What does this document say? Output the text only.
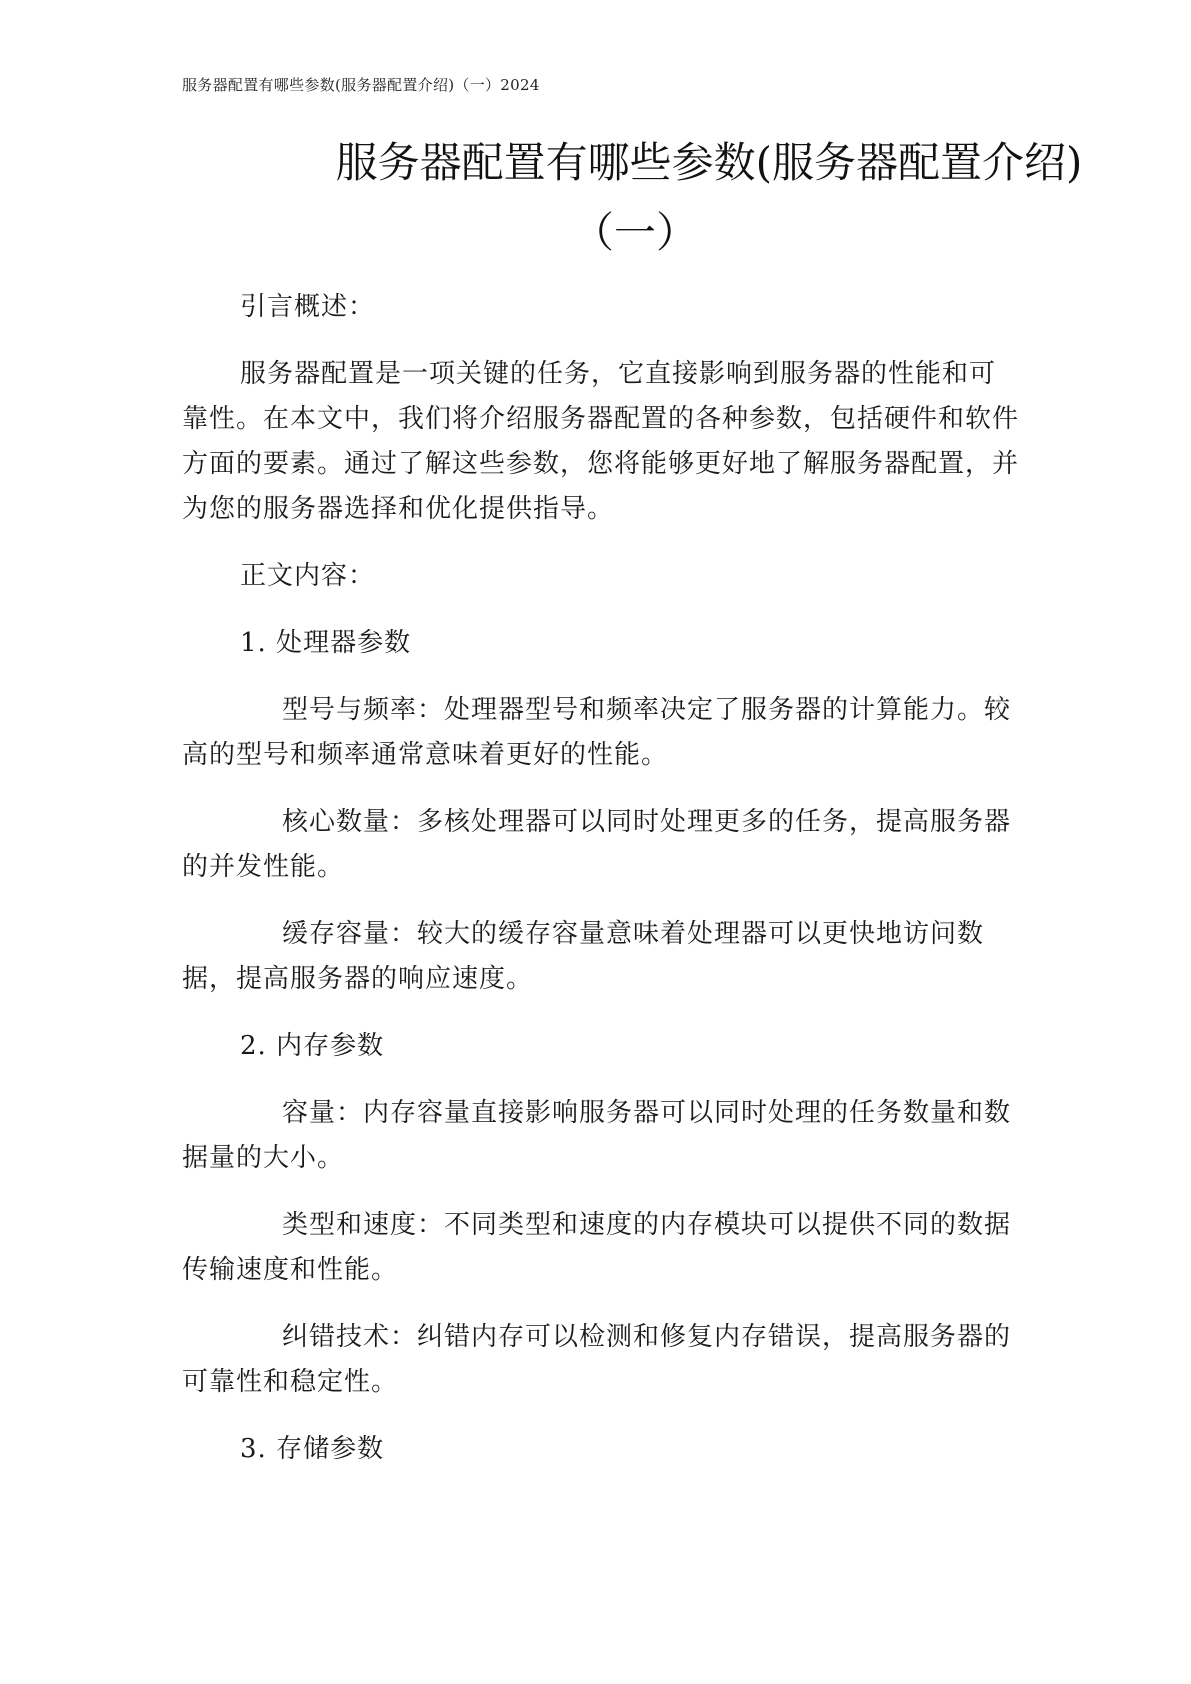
服务器配置有哪些参数(服务器配置介绍)（一）2024
服务器配置有哪些参数(服务器配置介绍)
（一）

引言概述：

服务器配置是一项关键的任务，它直接影响到服务器的性能和可靠性。在本文中，我们将介绍服务器配置的各种参数，包括硬件和软件方面的要素。通过了解这些参数，您将能够更好地了解服务器配置，并为您的服务器选择和优化提供指导。

正文内容：

1. 处理器参数

型号与频率：处理器型号和频率决定了服务器的计算能力。较高的型号和频率通常意味着更好的性能。

核心数量：多核处理器可以同时处理更多的任务，提高服务器的并发性能。

缓存容量：较大的缓存容量意味着处理器可以更快地访问数据，提高服务器的响应速度。

2. 内存参数

容量：内存容量直接影响服务器可以同时处理的任务数量和数据量的大小。

类型和速度：不同类型和速度的内存模块可以提供不同的数据传输速度和性能。

纠错技术：纠错内存可以检测和修复内存错误，提高服务器的可靠性和稳定性。

3. 存储参数
